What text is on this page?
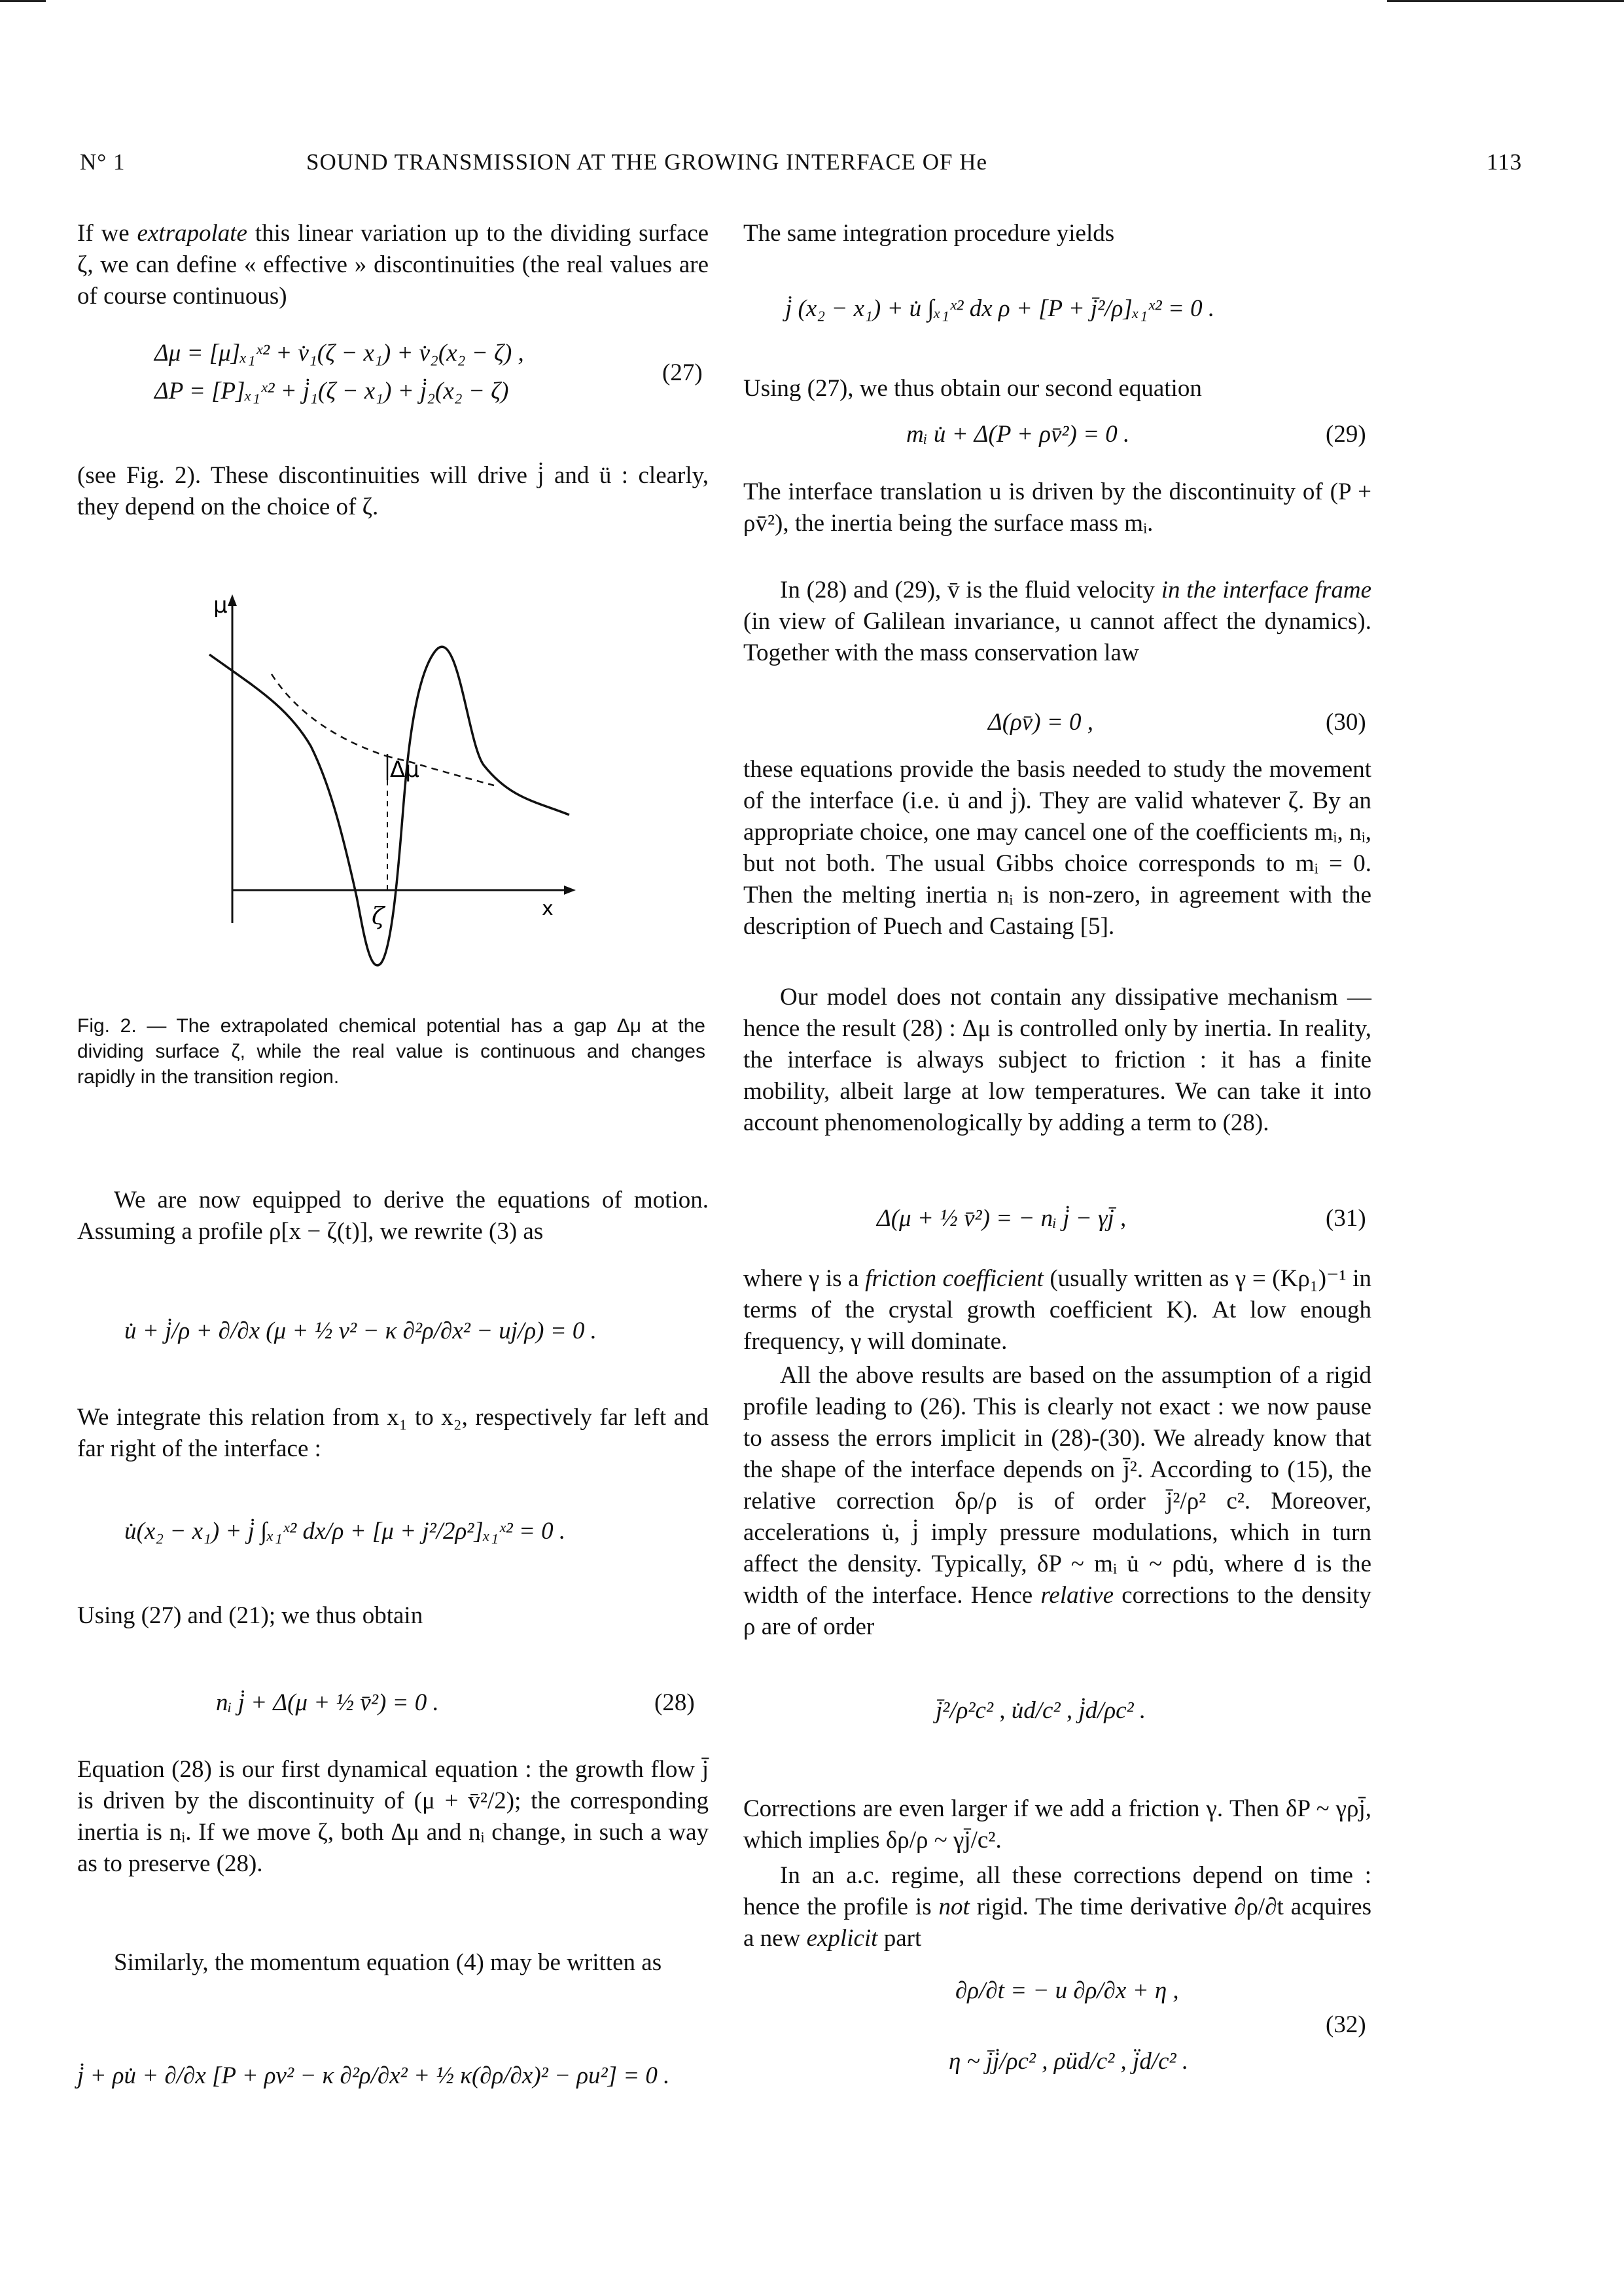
N° 1	SOUND TRANSMISSION AT THE GROWING INTERFACE OF He	113

If we extrapolate this linear variation up to the dividing surface ζ, we can define « effective » discontinuities (the real values are of course continuous)

Δμ = [μ]ₓ₁ˣ² + v̇₁(ζ − x₁) + v̇₂(x₂ − ζ) ,
ΔP = [P]ₓ₁ˣ² + j̇₁(ζ − x₁) + j̇₂(x₂ − ζ)
(27)

(see Fig. 2). These discontinuities will drive j̇ and ü : clearly, they depend on the choice of ζ.

μ
Δμ
ζ	x
Fig. 2. — The extrapolated chemical potential has a gap Δμ at the dividing surface ζ, while the real value is continuous and changes rapidly in the transition region.

We are now equipped to derive the equations of motion. Assuming a profile ρ[x − ζ(t)], we rewrite (3) as

u̇ + j̇/ρ + ∂/∂x (μ + ½ v² − κ ∂²ρ/∂x² − uj/ρ) = 0 .

We integrate this relation from x₁ to x₂, respectively far left and far right of the interface :

u̇(x₂ − x₁) + j̇ ∫ₓ₁ˣ² dx/ρ + [μ + j²/2ρ²]ₓ₁ˣ² = 0 .

Using (27) and (21); we thus obtain

nᵢ j̇ + Δ(μ + ½ v̄²) = 0 .	(28)

Equation (28) is our first dynamical equation : the growth flow j̄ is driven by the discontinuity of (μ + v̄²/2); the corresponding inertia is nᵢ. If we move ζ, both Δμ and nᵢ change, in such a way as to preserve (28).

Similarly, the momentum equation (4) may be written as

j̇ + ρu̇ + ∂/∂x [P + ρv² − κ ∂²ρ/∂x² + ½ κ(∂ρ/∂x)² − ρu²] = 0 .

The same integration procedure yields

j̇ (x₂ − x₁) + u̇ ∫ₓ₁ˣ² dx ρ + [P + j̄²/ρ]ₓ₁ˣ² = 0 .

Using (27), we thus obtain our second equation

mᵢ u̇ + Δ(P + ρv̄²) = 0 .	(29)

The interface translation u is driven by the discontinuity of (P + ρv̄²), the inertia being the surface mass mᵢ.

In (28) and (29), v̄ is the fluid velocity in the interface frame (in view of Galilean invariance, u cannot affect the dynamics). Together with the mass conservation law

Δ(ρv̄) = 0 ,	(30)

these equations provide the basis needed to study the movement of the interface (i.e. u̇ and j̇). They are valid whatever ζ. By an appropriate choice, one may cancel one of the coefficients mᵢ, nᵢ, but not both. The usual Gibbs choice corresponds to mᵢ = 0. Then the melting inertia nᵢ is non-zero, in agreement with the description of Puech and Castaing [5].

Our model does not contain any dissipative mechanism — hence the result (28) : Δμ is controlled only by inertia. In reality, the interface is always subject to friction : it has a finite mobility, albeit large at low temperatures. We can take it into account phenomenologically by adding a term to (28).

Δ(μ + ½ v̄²) = − nᵢ j̇ − γj̄ ,	(31)

where γ is a friction coefficient (usually written as γ = (Kρ₁)⁻¹ in terms of the crystal growth coefficient K). At low enough frequency, γ will dominate.

All the above results are based on the assumption of a rigid profile leading to (26). This is clearly not exact : we now pause to assess the errors implicit in (28)-(30). We already know that the shape of the interface depends on j̄². According to (15), the relative correction δρ/ρ is of order j̄²/ρ² c². Moreover, accelerations u̇, j̇ imply pressure modulations, which in turn affect the density. Typically, δP ~ mᵢ u̇ ~ ρdu̇, where d is the width of the interface. Hence relative corrections to the density ρ are of order

j̄²/ρ²c² , u̇d/c² , j̇d/ρc² .

Corrections are even larger if we add a friction γ. Then δP ~ γρj̄, which implies δρ/ρ ~ γj̄/c².

In an a.c. regime, all these corrections depend on time : hence the profile is not rigid. The time derivative ∂ρ/∂t acquires a new explicit part

∂ρ/∂t = − u ∂ρ/∂x + η ,
η ~ j̄j̇/ρc² , ρüd/c² , j̈d/c² .
(32)
